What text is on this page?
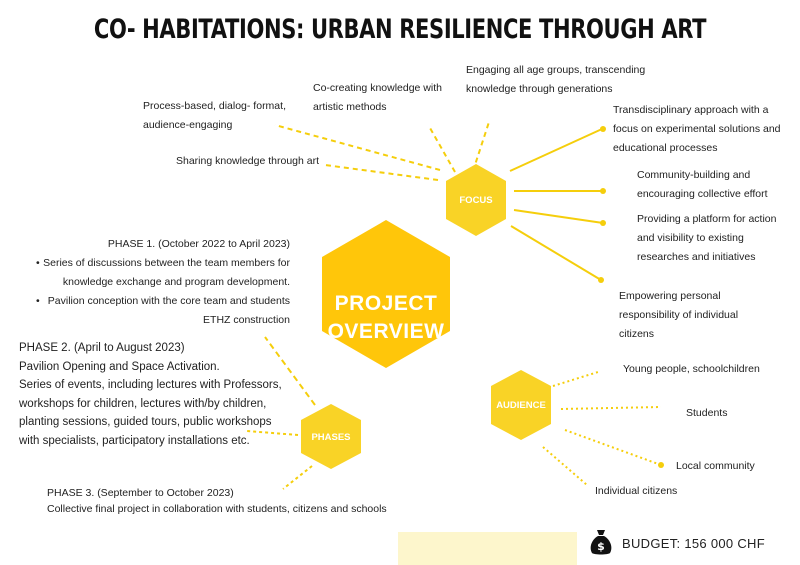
CO- HABITATIONS: URBAN RESILIENCE THROUGH ART
PROJECT
OVERVIEW
FOCUS
AUDIENCE
PHASES
Engaging all age groups, transcending
knowledge through generations
Co-creating knowledge with
artistic methods
Process-based, dialog- format,
audience-engaging
Sharing knowledge through art
Transdisciplinary approach with a
focus on experimental solutions and
educational processes
Community-building and
encouraging collective effort
Providing a platform for action
and visibility to existing
researches and initiatives
Empowering personal
responsibility of individual
citizens
Young people, schoolchildren
Students
Local community
Individual citizens
PHASE 1. (October 2022 to April 2023)
• Series of discussions between the team members for
knowledge exchange and program development.
• Pavilion conception with the core team and students
ETHZ construction
PHASE 2. (April to August 2023)
Pavilion Opening and Space Activation.
Series of events, including lectures with Professors,
workshops for children, lectures with/by children,
planting sessions, guided tours, public workshops
with specialists, participatory installations etc.
PHASE 3. (September to October 2023)
Collective final project in collaboration with students, citizens and schools
$ BUDGET: 156 000 CHF
